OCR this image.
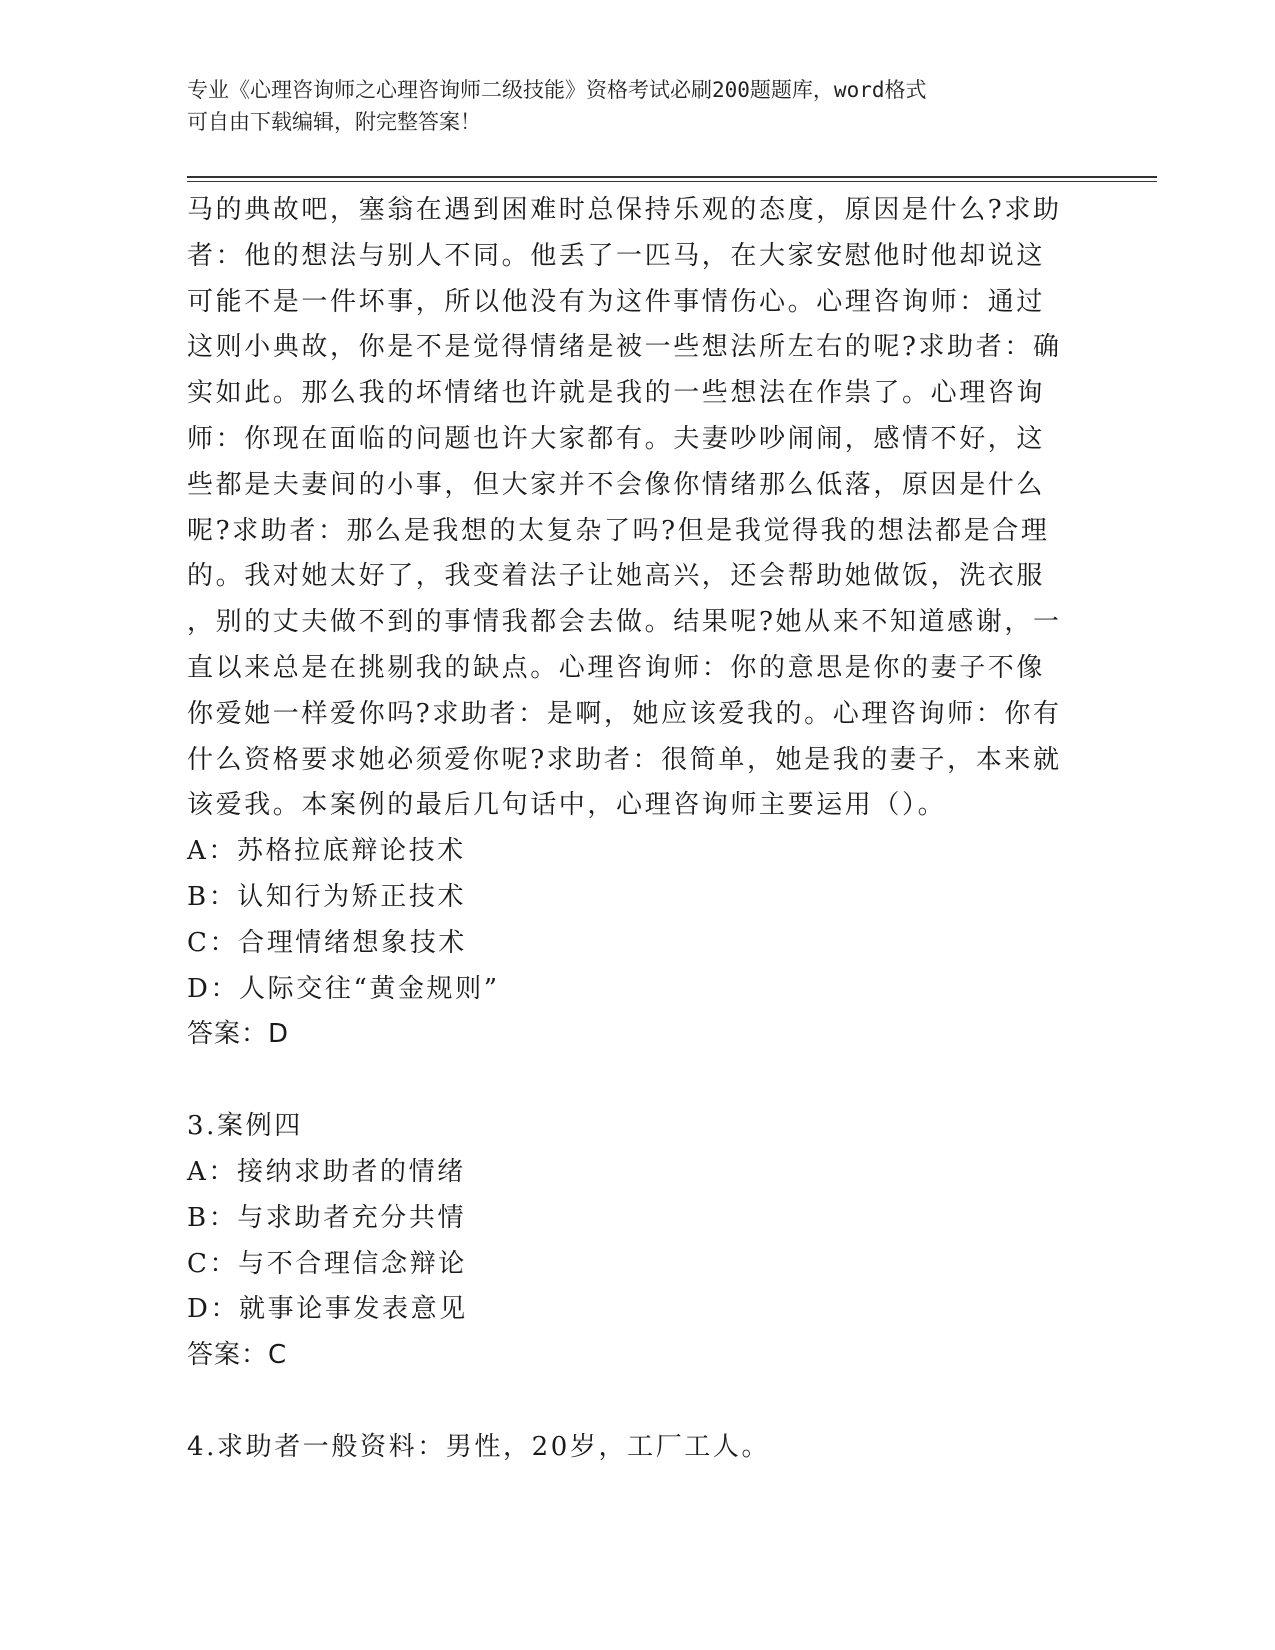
专业《心理咨询师之心理咨询师二级技能》资格考试必刷200题题库，word格式

可自由下载编辑，附完整答案！

马的典故吧，塞翁在遇到困难时总保持乐观的态度，原因是什么?求助

者：他的想法与别人不同。他丢了一匹马，在大家安慰他时他却说这

可能不是一件坏事，所以他没有为这件事情伤心。心理咨询师：通过

这则小典故，你是不是觉得情绪是被一些想法所左右的呢?求助者：确

实如此。那么我的坏情绪也许就是我的一些想法在作祟了。心理咨询

师：你现在面临的问题也许大家都有。夫妻吵吵闹闹，感情不好，这

些都是夫妻间的小事，但大家并不会像你情绪那么低落，原因是什么

呢?求助者：那么是我想的太复杂了吗?但是我觉得我的想法都是合理

的。我对她太好了，我变着法子让她高兴，还会帮助她做饭，洗衣服

，别的丈夫做不到的事情我都会去做。结果呢?她从来不知道感谢，一

直以来总是在挑剔我的缺点。心理咨询师：你的意思是你的妻子不像

你爱她一样爱你吗?求助者：是啊，她应该爱我的。心理咨询师：你有

什么资格要求她必须爱你呢?求助者：很简单，她是我的妻子，本来就

该爱我。本案例的最后几句话中，心理咨询师主要运用（）。

A：苏格拉底辩论技术

B：认知行为矫正技术

C：合理情绪想象技术

D：人际交往“黄金规则”

答案：D

3.案例四

A：接纳求助者的情绪

B：与求助者充分共情

C：与不合理信念辩论

D：就事论事发表意见

答案：C

4.求助者一般资料：男性，20岁，工厂工人。
